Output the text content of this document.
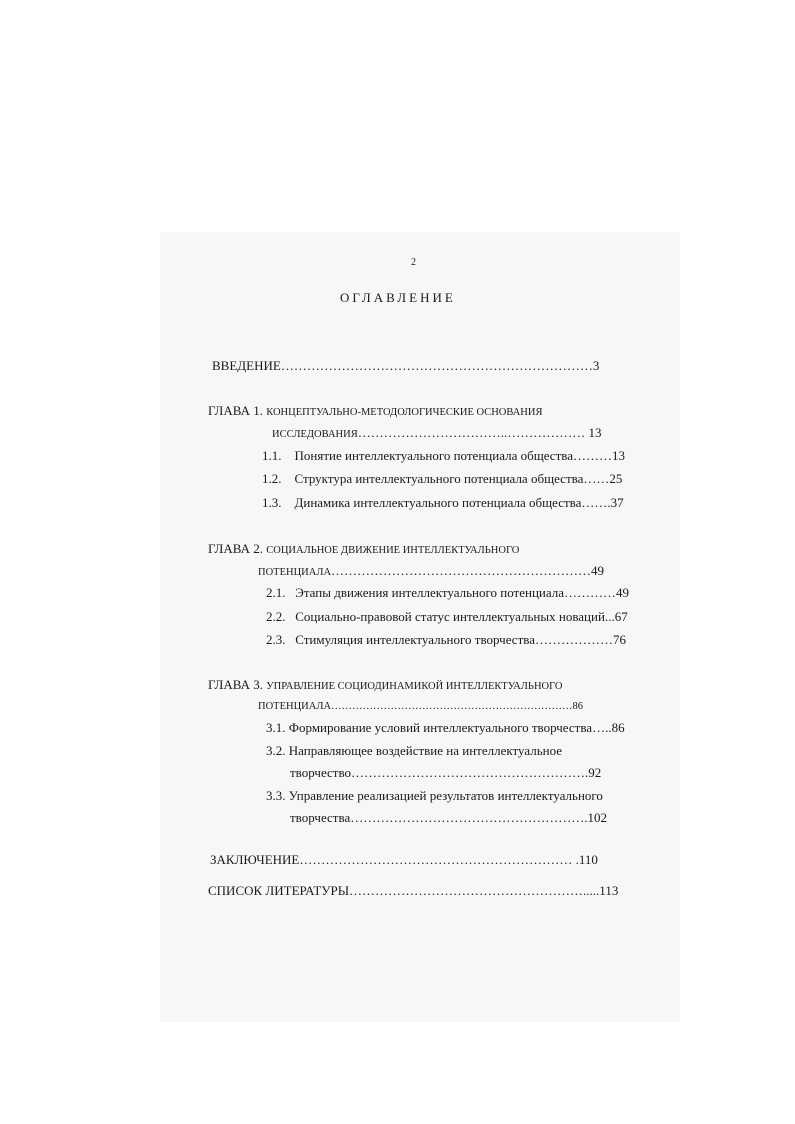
2
ОГЛАВЛЕНИЕ
ВВЕДЕНИЕ………………………………………………………………3
ГЛАВА 1. КОНЦЕПТУАЛЬНО-МЕТОДОЛОГИЧЕСКИЕ ОСНОВАНИЯ
ИССЛЕДОВАНИЯ……………………………..……………… 13
1.1. Понятие интеллектуального потенциала общества………13
1.2. Структура интеллектуального потенциала общества……25
1.3. Динамика интеллектуального потенциала общества…….37
ГЛАВА 2. СОЦИАЛЬНОЕ ДВИЖЕНИЕ ИНТЕЛЛЕКТУАЛЬНОГО
ПОТЕНЦИАЛА……………………………………………………49
2.1. Этапы движения интеллектуального потенциала…………49
2.2. Социально-правовой статус интеллектуальных новаций...67
2.3. Стимуляция интеллектуального творчества………………76
ГЛАВА 3. УПРАВЛЕНИЕ СОЦИОДИНАМИКОЙ ИНТЕЛЛЕКТУАЛЬНОГО
ПОТЕНЦИАЛА……………………………………………………………86
3.1. Формирование условий интеллектуального творчества…..86
3.2. Направляющее воздействие на интеллектуальное
творчество……………………………………………….92
3.3. Управление реализацией результатов интеллектуального
творчества……………………………………………….102
ЗАКЛЮЧЕНИЕ……………………………………………………… .110
СПИСОК ЛИТЕРАТУРЫ……………………………………………….....113
